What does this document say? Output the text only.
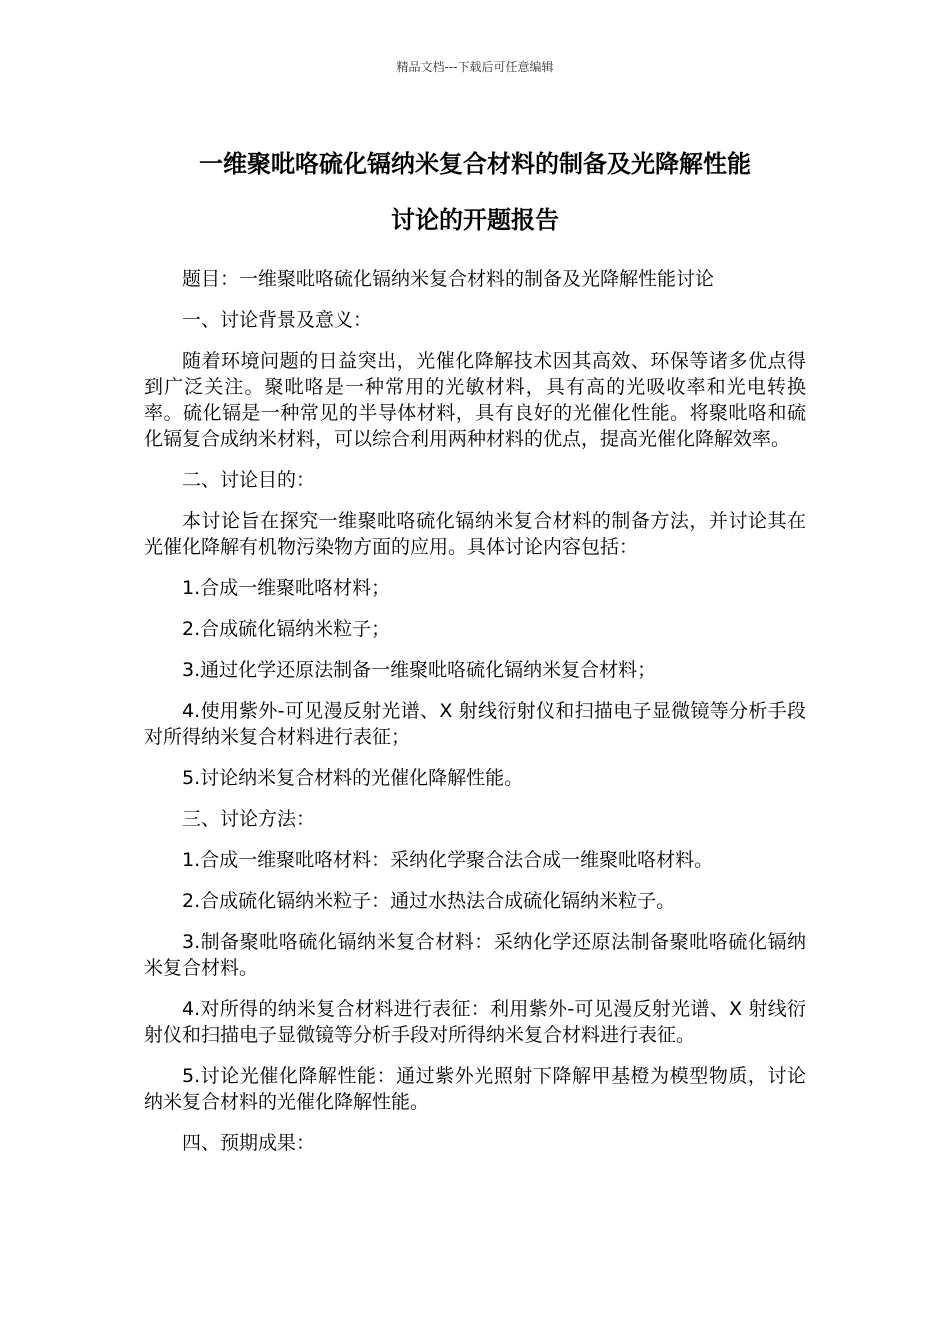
精品文档---下载后可任意编辑
一维聚吡咯硫化镉纳米复合材料的制备及光降解性能
讨论的开题报告

题目：一维聚吡咯硫化镉纳米复合材料的制备及光降解性能讨论

一、讨论背景及意义：

随着环境问题的日益突出，光催化降解技术因其高效、环保等诸多优点得到广泛关注。聚吡咯是一种常用的光敏材料，具有高的光吸收率和光电转换率。硫化镉是一种常见的半导体材料，具有良好的光催化性能。将聚吡咯和硫化镉复合成纳米材料，可以综合利用两种材料的优点，提高光催化降解效率。

二、讨论目的：

本讨论旨在探究一维聚吡咯硫化镉纳米复合材料的制备方法，并讨论其在光催化降解有机物污染物方面的应用。具体讨论内容包括：

1.合成一维聚吡咯材料；

2.合成硫化镉纳米粒子；

3.通过化学还原法制备一维聚吡咯硫化镉纳米复合材料；

4.使用紫外-可见漫反射光谱、X 射线衍射仪和扫描电子显微镜等分析手段对所得纳米复合材料进行表征；

5.讨论纳米复合材料的光催化降解性能。

三、讨论方法：

1.合成一维聚吡咯材料：采纳化学聚合法合成一维聚吡咯材料。

2.合成硫化镉纳米粒子：通过水热法合成硫化镉纳米粒子。

3.制备聚吡咯硫化镉纳米复合材料：采纳化学还原法制备聚吡咯硫化镉纳米复合材料。

4.对所得的纳米复合材料进行表征：利用紫外-可见漫反射光谱、X 射线衍射仪和扫描电子显微镜等分析手段对所得纳米复合材料进行表征。

5.讨论光催化降解性能：通过紫外光照射下降解甲基橙为模型物质，讨论纳米复合材料的光催化降解性能。

四、预期成果：
